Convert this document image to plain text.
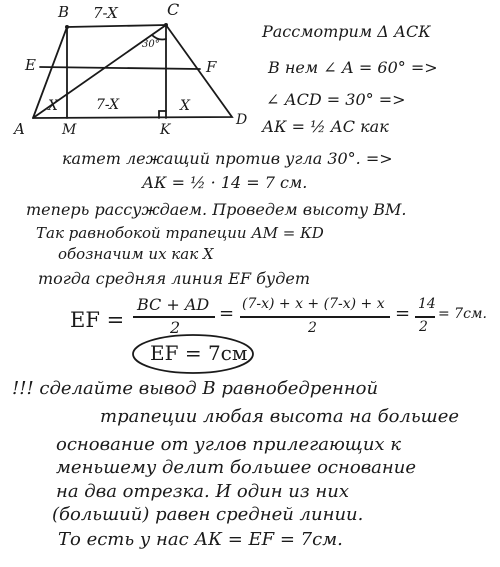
B 7-X	C
30°
E	F
X	7-X	X
A	M	K
D
Рассмотрим Δ АСК
В нем ∠ А = 60° =>
∠ АСD = 30° =>
АК = ½ АС как
катет лежащий против угла 30°. =>
АК = ½ · 14 = 7 см.
теперь рассуждаем. Проведем высоту ВМ.
Так равнобокой трапеции АМ = КD
обозначим их как Х
тогда средняя линия EF будет
EF =
BC + AD
2
= (7-x) + x + (7-x) + x
2
= 14
2
= 7см.
EF = 7см
!!! сделайте вывод В равнобедренной
трапеции любая высота на большее
основание от углов прилегающих к
меньшему делит большее основание
на два отрезка. И один из них
(больший) равен средней линии.
То есть у нас АК = EF = 7см.
